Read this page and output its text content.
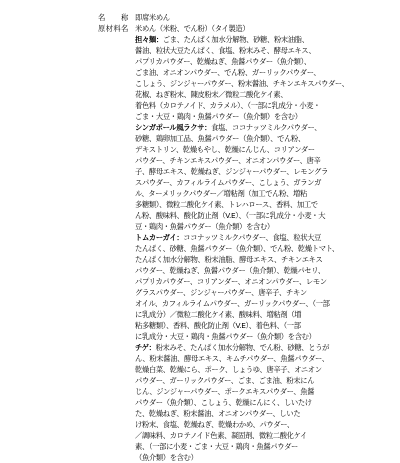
名　称 即席米めん
原材料名 米めん（米粉、でん粉）（タイ製造）
担々麺：ごま、たんぱく加水分解物、砂糖、粉末油脂、
醤油、粒状大豆たんぱく、食塩、粉末みそ、酵母エキス、
パプリカパウダー、乾燥ねぎ、魚醤パウダー（魚介類）、
ごま油、オニオンパウダー、でん粉、ガーリックパウダー、
こしょう、ジンジャーパウダー、粉末醤油、チキンエキスパウダー、
花椒、ねぎ粉末、陳皮粉末／微粒二酸化ケイ素、
着色料（カロテノイド、カラメル）、（一部に乳成分・小麦・
ごま・大豆・鶏肉・魚醤パウダー（魚介類）を含む）
シンガポール風ラクサ：食塩、ココナッツミルクパウダー、
砂糖、鶏卵加工品、魚醤パウダー（魚介類）、でん粉、
デキストリン、乾燥もやし、乾燥にんじん、コリアンダー
パウダー、チキンエキスパウダー、オニオンパウダー、唐辛
子、酵母エキス、乾燥ねぎ、ジンジャーパウダー、レモングラ
スパウダー、カフィルライムパウダー、こしょう、ガランガ
ル、ターメリックパウダー／増粘剤（加工でん粉、増粘
多糖類）、微粒二酸化ケイ素、トレハロース、香料、加工で
ん粉、酸味料、酸化防止剤（V.E）、（一部に乳成分・小麦・大
豆・鶏肉・魚醤パウダー（魚介類）を含む）
トムカーガイ：ココナッツミルクパウダー、食塩、粒状大豆
たんぱく、砂糖、魚醤パウダー（魚介類）、でん粉、乾燥トマト、
たんぱく加水分解物、粉末油脂、酵母エキス、チキンエキス
パウダー、乾燥ねぎ、魚醤パウダー（魚介類）、乾燥パセリ、
パプリカパウダー、コリアンダー、オニオンパウダー、レモン
グラスパウダー、ジンジャーパウダー、唐辛子、チキン
オイル、カフィルライムパウダー、ガーリックパウダー、（一部
に乳成分）／微粒二酸化ケイ素、酸味料、増粘剤（増
粘多糖類）、香料、酸化防止剤（V.E）、着色料、（一部
に乳成分・大豆・鶏肉・魚醤パウダー（魚介類）を含む）
チゲ：粉末みそ、たんぱく加水分解物、でん粉、砂糖、とうが
ん、粉末醤油、酵母エキス、キムチパウダー、魚醤パウダー、
乾燥白菜、乾燥にら、ポーク、しょうゆ、唐辛子、オニオン
パウダー、ガーリックパウダー、ごま、ごま油、粉末にん
じん、ジンジャーパウダー、ポークエキスパウダー、魚醤
パウダー（魚介類）、こしょう、乾燥にんにく、しいたけ
た、乾燥ねぎ、粉末醤油、オニオンパウダー、しいた
け粉末、食塩、乾燥ねぎ、乾燥わかめ、パウダー、
／調味料、カロテノイド色素、凝固剤、微粒二酸化ケイ
素、（一部に小麦・ごま・大豆・鶏肉・魚醤パウダー
（魚介類）を含む）
